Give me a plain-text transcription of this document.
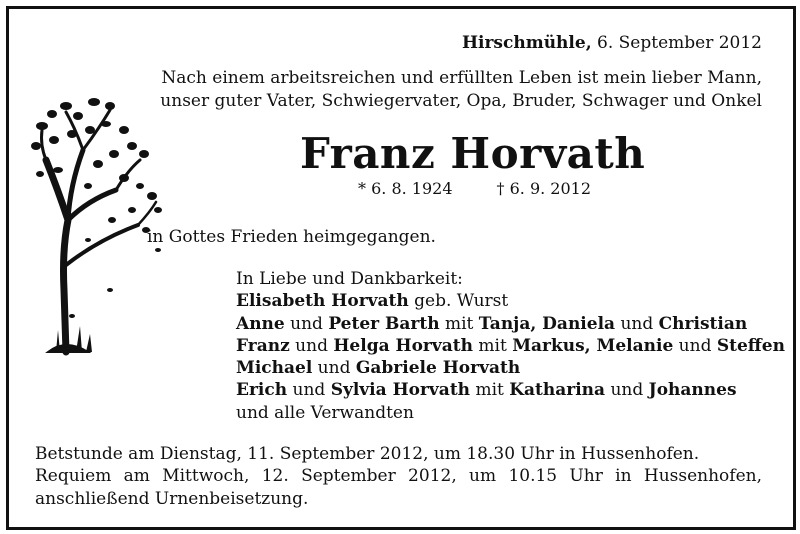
Hirschmühle, 6. September 2012
Nach einem arbeitsreichen und erfüllten Leben ist mein lieber Mann,
unser guter Vater, Schwiegervater, Opa, Bruder, Schwager und Onkel
Franz Horvath
* 6. 8. 1924	† 6. 9. 2012
in Gottes Frieden heimgegangen.
In Liebe und Dankbarkeit:
Elisabeth Horvath geb. Wurst
Anne und Peter Barth mit Tanja, Daniela und Christian
Franz und Helga Horvath mit Markus, Melanie und Steffen
Michael und Gabriele Horvath
Erich und Sylvia Horvath mit Katharina und Johannes
und alle Verwandten
Betstunde am Dienstag, 11. September 2012, um 18.30 Uhr in Hussenhofen.
Requiem am Mittwoch, 12. September 2012, um 10.15 Uhr in Hussenhofen,
anschließend Urnenbeisetzung.
